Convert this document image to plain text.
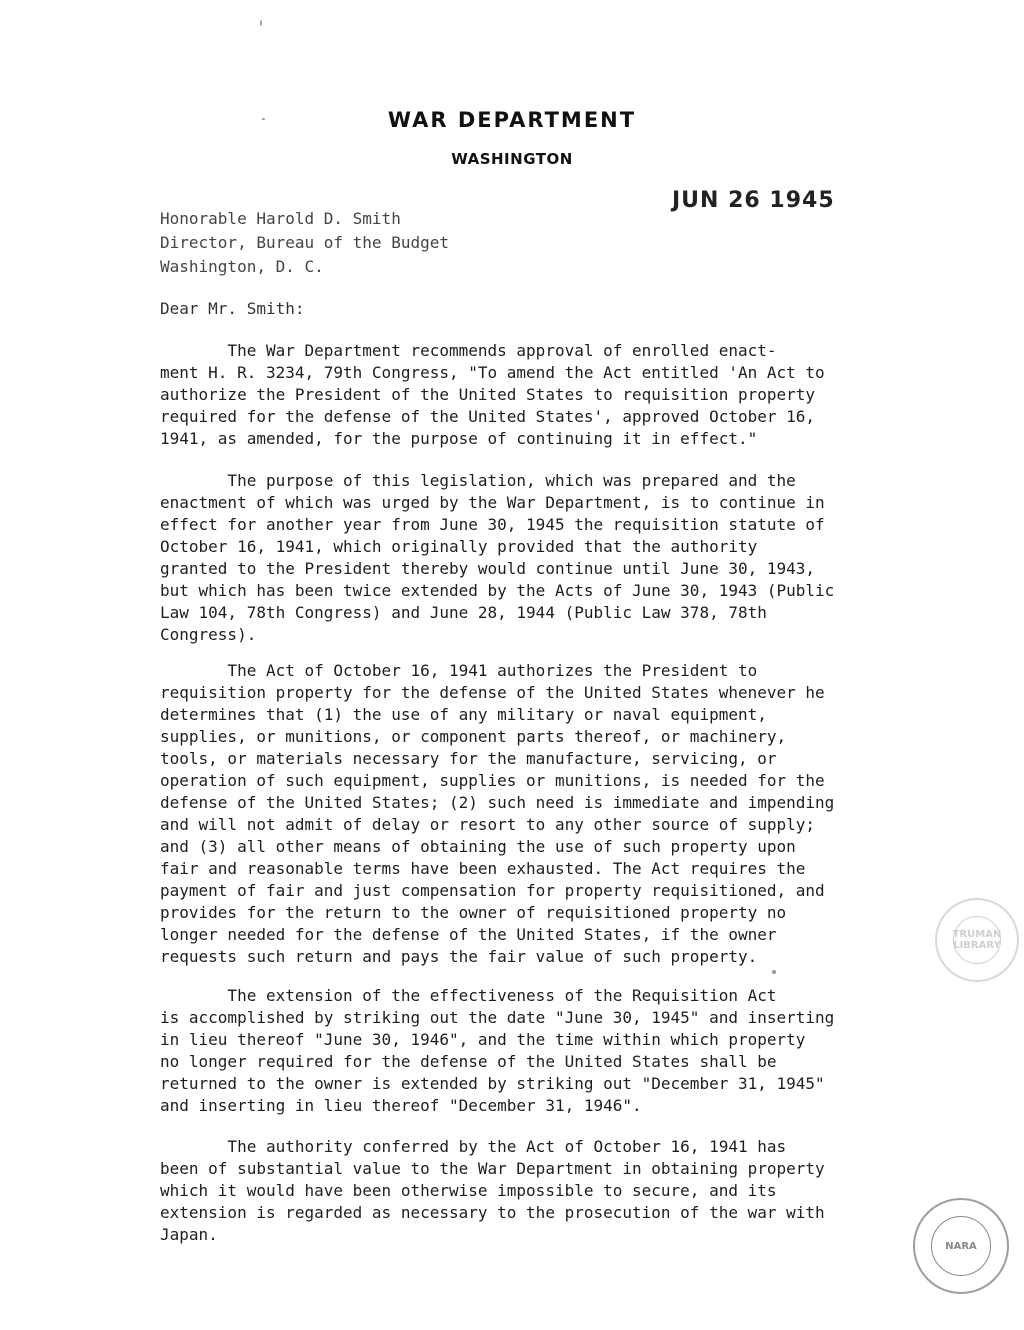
WAR DEPARTMENT
WASHINGTON
JUN 26 1945
Honorable Harold D. Smith
Director, Bureau of the Budget
Washington, D. C.
Dear Mr. Smith:
The War Department recommends approval of enrolled enact-
ment H. R. 3234, 79th Congress, "To amend the Act entitled 'An Act to
authorize the President of the United States to requisition property
required for the defense of the United States', approved October 16,
1941, as amended, for the purpose of continuing it in effect."
The purpose of this legislation, which was prepared and the
enactment of which was urged by the War Department, is to continue in
effect for another year from June 30, 1945 the requisition statute of
October 16, 1941, which originally provided that the authority
granted to the President thereby would continue until June 30, 1943,
but which has been twice extended by the Acts of June 30, 1943 (Public
Law 104, 78th Congress) and June 28, 1944 (Public Law 378, 78th
Congress).
The Act of October 16, 1941 authorizes the President to
requisition property for the defense of the United States whenever he
determines that (1) the use of any military or naval equipment,
supplies, or munitions, or component parts thereof, or machinery,
tools, or materials necessary for the manufacture, servicing, or
operation of such equipment, supplies or munitions, is needed for the
defense of the United States; (2) such need is immediate and impending
and will not admit of delay or resort to any other source of supply;
and (3) all other means of obtaining the use of such property upon
fair and reasonable terms have been exhausted. The Act requires the
payment of fair and just compensation for property requisitioned, and
provides for the return to the owner of requisitioned property no
longer needed for the defense of the United States, if the owner
requests such return and pays the fair value of such property.
The extension of the effectiveness of the Requisition Act
is accomplished by striking out the date "June 30, 1945" and inserting
in lieu thereof "June 30, 1946", and the time within which property
no longer required for the defense of the United States shall be
returned to the owner is extended by striking out "December 31, 1945"
and inserting in lieu thereof "December 31, 1946".
The authority conferred by the Act of October 16, 1941 has
been of substantial value to the War Department in obtaining property
which it would have been otherwise impossible to secure, and its
extension is regarded as necessary to the prosecution of the war with
Japan.
TRUMAN LIBRARY
NARA
